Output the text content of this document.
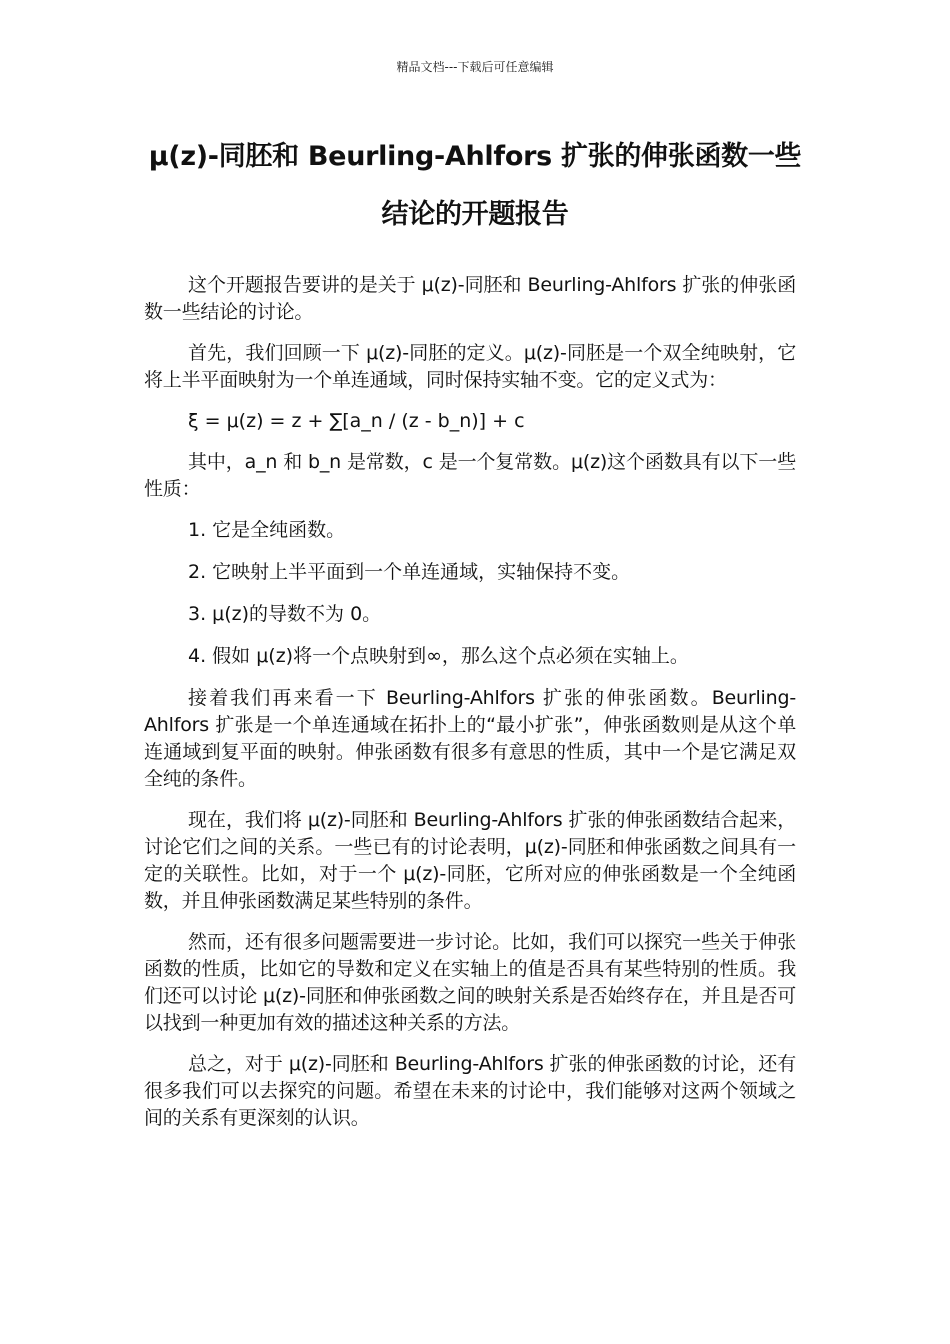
精品文档---下载后可任意编辑
μ(z)-同胚和 Beurling-Ahlfors 扩张的伸张函数一些结论的开题报告

这个开题报告要讲的是关于 μ(z)-同胚和 Beurling-Ahlfors 扩张的伸张函数一些结论的讨论。

首先，我们回顾一下 μ(z)-同胚的定义。μ(z)-同胚是一个双全纯映射，它将上半平面映射为一个单连通域，同时保持实轴不变。它的定义式为：

ξ = μ(z) = z + ∑[a_n / (z - b_n)] + c

其中，a_n 和 b_n 是常数，c 是一个复常数。μ(z)这个函数具有以下一些性质：

1. 它是全纯函数。

2. 它映射上半平面到一个单连通域，实轴保持不变。

3. μ(z)的导数不为 0。

4. 假如 μ(z)将一个点映射到∞，那么这个点必须在实轴上。

接着我们再来看一下 Beurling-Ahlfors 扩张的伸张函数。Beurling-Ahlfors 扩张是一个单连通域在拓扑上的“最小扩张”，伸张函数则是从这个单连通域到复平面的映射。伸张函数有很多有意思的性质，其中一个是它满足双全纯的条件。

现在，我们将 μ(z)-同胚和 Beurling-Ahlfors 扩张的伸张函数结合起来，讨论它们之间的关系。一些已有的讨论表明，μ(z)-同胚和伸张函数之间具有一定的关联性。比如，对于一个 μ(z)-同胚，它所对应的伸张函数是一个全纯函数，并且伸张函数满足某些特别的条件。

然而，还有很多问题需要进一步讨论。比如，我们可以探究一些关于伸张函数的性质，比如它的导数和定义在实轴上的值是否具有某些特别的性质。我们还可以讨论 μ(z)-同胚和伸张函数之间的映射关系是否始终存在，并且是否可以找到一种更加有效的描述这种关系的方法。

总之，对于 μ(z)-同胚和 Beurling-Ahlfors 扩张的伸张函数的讨论，还有很多我们可以去探究的问题。希望在未来的讨论中，我们能够对这两个领域之间的关系有更深刻的认识。
